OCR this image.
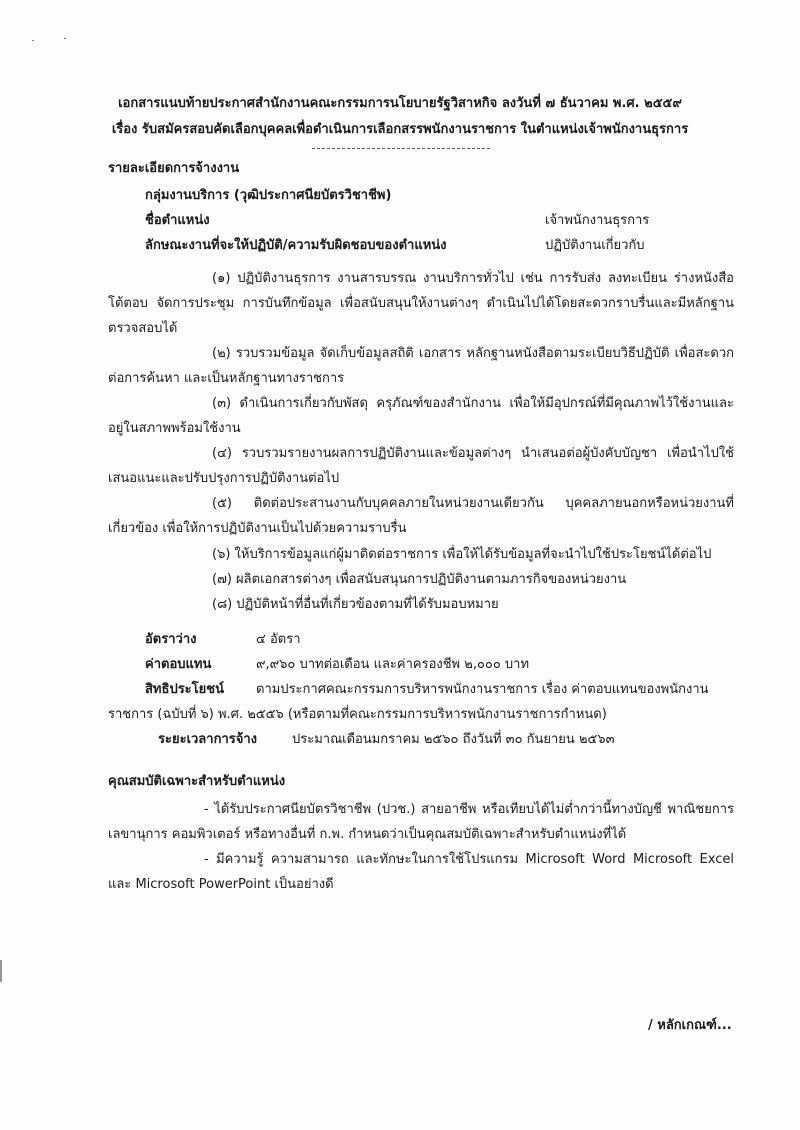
เอกสารแนบท้ายประกาศสำนักงานคณะกรรมการนโยบายรัฐวิสาหกิจ ลงวันที่ ๗ ธันวาคม พ.ศ. ๒๕๕๙
เรื่อง รับสมัครสอบคัดเลือกบุคคลเพื่อดำเนินการเลือกสรรพนักงานราชการ ในตำแหน่งเจ้าพนักงานธุรการ
รายละเอียดการจ้างงาน
กลุ่มงานบริการ (วุฒิประกาศนียบัตรวิชาชีพ)
ชื่อตำแหน่ง	เจ้าพนักงานธุรการ
ลักษณะงานที่จะให้ปฏิบัติ/ความรับผิดชอบของตำแหน่ง	ปฏิบัติงานเกี่ยวกับ
(๑) ปฏิบัติงานธุรการ งานสารบรรณ งานบริการทั่วไป เช่น การรับส่ง ลงทะเบียน ร่างหนังสือโต้ตอบ จัดการประชุม การบันทึกข้อมูล เพื่อสนับสนุนให้งานต่างๆ ดำเนินไปได้โดยสะดวกราบรื่นและมีหลักฐานตรวจสอบได้
(๒) รวบรวมข้อมูล จัดเก็บข้อมูลสถิติ เอกสาร หลักฐานหนังสือตามระเบียบวิธีปฏิบัติ เพื่อสะดวกต่อการค้นหา และเป็นหลักฐานทางราชการ
(๓) ดำเนินการเกี่ยวกับพัสดุ ครุภัณฑ์ของสำนักงาน เพื่อให้มีอุปกรณ์ที่มีคุณภาพไว้ใช้งานและอยู่ในสภาพพร้อมใช้งาน
(๔) รวบรวมรายงานผลการปฏิบัติงานและข้อมูลต่างๆ นำเสนอต่อผู้บังคับบัญชา เพื่อนำไปใช้เสนอแนะและปรับปรุงการปฏิบัติงานต่อไป
(๕) ติดต่อประสานงานกับบุคคลภายในหน่วยงานเดียวกัน บุคคลภายนอกหรือหน่วยงานที่เกี่ยวข้อง เพื่อให้การปฏิบัติงานเป็นไปด้วยความราบรื่น
(๖) ให้บริการข้อมูลแก่ผู้มาติดต่อราชการ เพื่อให้ได้รับข้อมูลที่จะนำไปใช้ประโยชน์ได้ต่อไป
(๗) ผลิตเอกสารต่างๆ เพื่อสนับสนุนการปฏิบัติงานตามภารกิจของหน่วยงาน
(๘) ปฏิบัติหน้าที่อื่นที่เกี่ยวข้องตามที่ได้รับมอบหมาย
อัตราว่าง	๔ อัตรา
ค่าตอบแทน	๙,๙๖๐ บาทต่อเดือน และค่าครองชีพ ๒,๐๐๐ บาท
สิทธิประโยชน์ ตามประกาศคณะกรรมการบริหารพนักงานราชการ เรื่อง ค่าตอบแทนของพนักงาน
ราชการ (ฉบับที่ ๖) พ.ศ. ๒๕๕๖ (หรือตามที่คณะกรรมการบริหารพนักงานราชการกำหนด)
ระยะเวลาการจ้าง	ประมาณเดือนมกราคม ๒๕๖๐ ถึงวันที่ ๓๐ กันยายน ๒๕๖๓
คุณสมบัติเฉพาะสำหรับตำแหน่ง
- ได้รับประกาศนียบัตรวิชาชีพ (ปวช.) สายอาชีพ หรือเทียบได้ไม่ต่ำกว่านี้ทางบัญชี พาณิชยการ เลขานุการ คอมพิวเตอร์ หรือทางอื่นที่ ก.พ. กำหนดว่าเป็นคุณสมบัติเฉพาะสำหรับตำแหน่งที่ได้
- มีความรู้ ความสามารถ และทักษะในการใช้โปรแกรม Microsoft Word Microsoft Excel และ Microsoft PowerPoint เป็นอย่างดี
/ หลักเกณฑ์...
